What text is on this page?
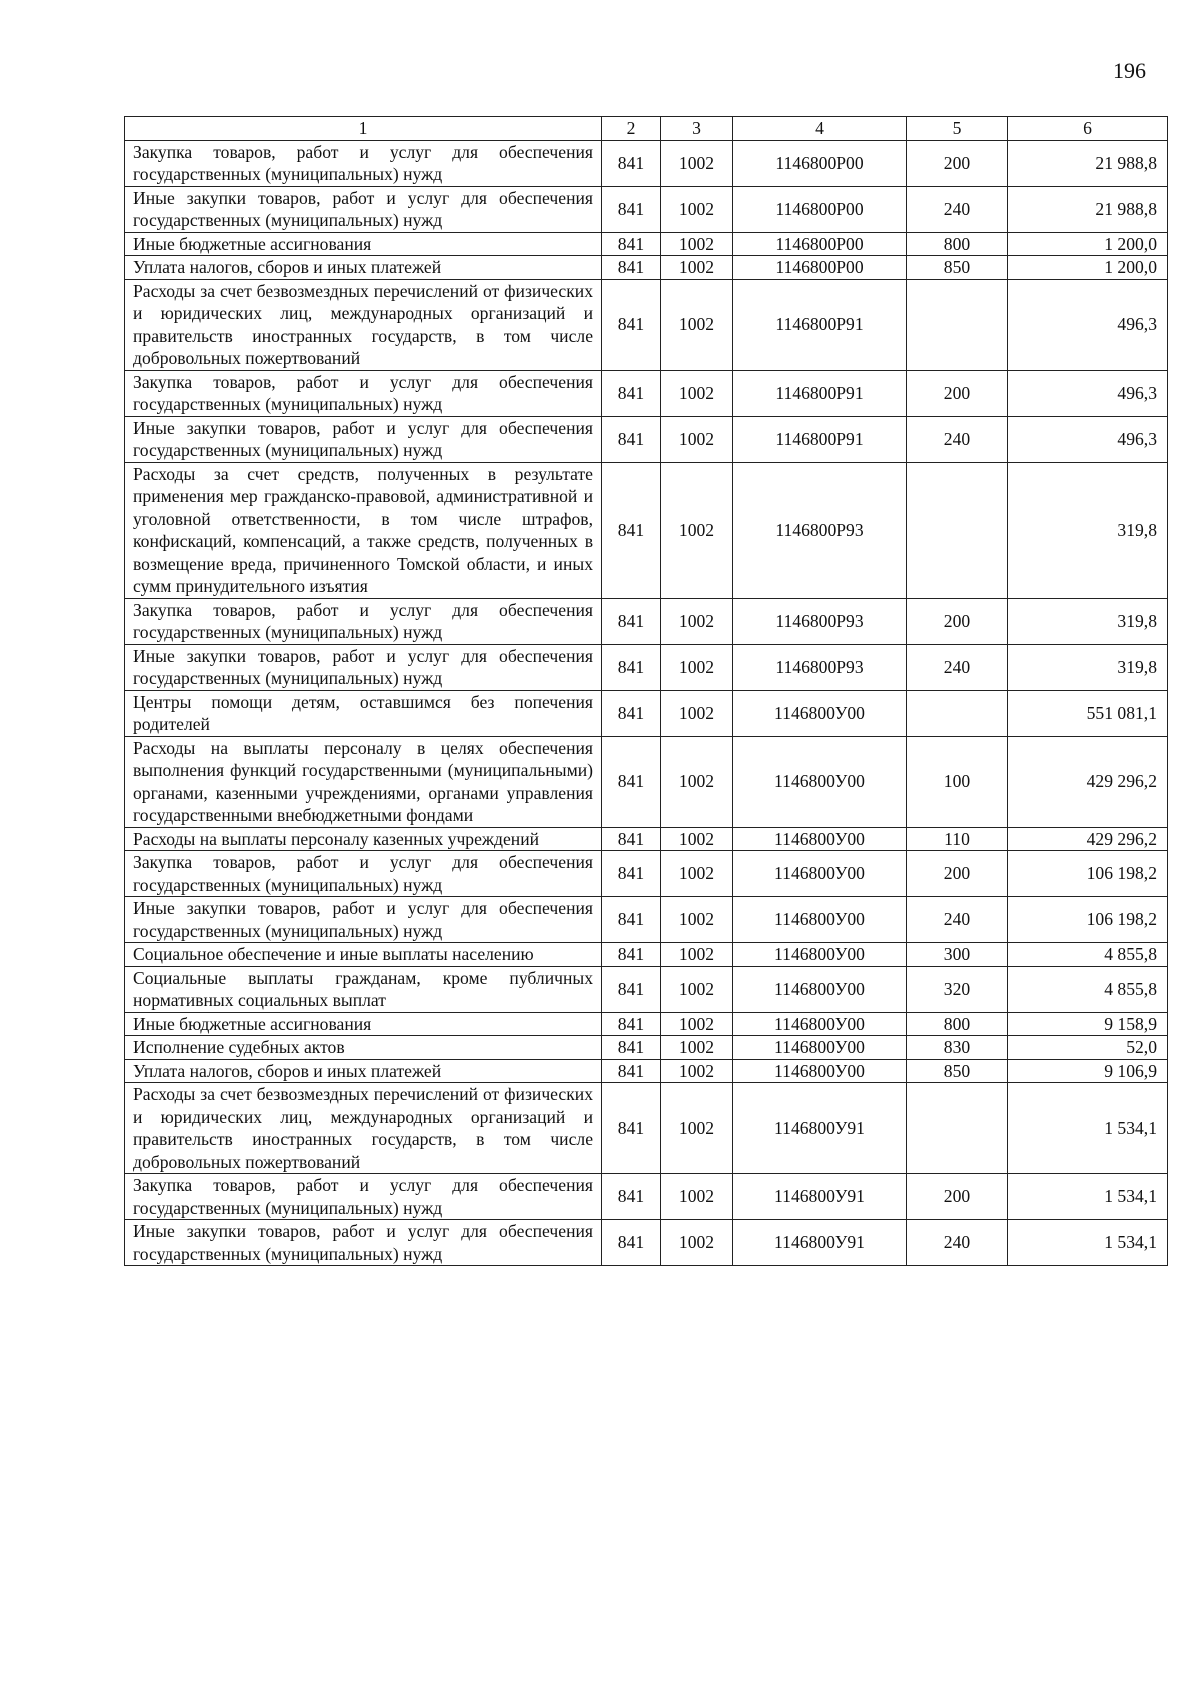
196
1	2	3	4	5	6
Закупка товаров, работ и услуг для обеспечения государственных (муниципальных) нужд	841	1002	1146800Р00	200	21 988,8
Иные закупки товаров, работ и услуг для обеспечения государственных (муниципальных) нужд	841	1002	1146800Р00	240	21 988,8
Иные бюджетные ассигнования	841	1002	1146800Р00	800	1 200,0
Уплата налогов, сборов и иных платежей	841	1002	1146800Р00	850	1 200,0
Расходы за счет безвозмездных перечислений от физических и юридических лиц, международных организаций и правительств иностранных государств, в том числе добровольных пожертвований	841	1002	1146800Р91		496,3
Закупка товаров, работ и услуг для обеспечения государственных (муниципальных) нужд	841	1002	1146800Р91	200	496,3
Иные закупки товаров, работ и услуг для обеспечения государственных (муниципальных) нужд	841	1002	1146800Р91	240	496,3
Расходы за счет средств, полученных в результате применения мер гражданско-правовой, административной и уголовной ответственности, в том числе штрафов, конфискаций, компенсаций, а также средств, полученных в возмещение вреда, причиненного Томской области, и иных сумм принудительного изъятия	841	1002	1146800Р93		319,8
Закупка товаров, работ и услуг для обеспечения государственных (муниципальных) нужд	841	1002	1146800Р93	200	319,8
Иные закупки товаров, работ и услуг для обеспечения государственных (муниципальных) нужд	841	1002	1146800Р93	240	319,8
Центры помощи детям, оставшимся без попечения родителей	841	1002	1146800У00		551 081,1
Расходы на выплаты персоналу в целях обеспечения выполнения функций государственными (муниципальными) органами, казенными учреждениями, органами управления государственными внебюджетными фондами	841	1002	1146800У00	100	429 296,2
Расходы на выплаты персоналу казенных учреждений	841	1002	1146800У00	110	429 296,2
Закупка товаров, работ и услуг для обеспечения государственных (муниципальных) нужд	841	1002	1146800У00	200	106 198,2
Иные закупки товаров, работ и услуг для обеспечения государственных (муниципальных) нужд	841	1002	1146800У00	240	106 198,2
Социальное обеспечение и иные выплаты населению	841	1002	1146800У00	300	4 855,8
Социальные выплаты гражданам, кроме публичных нормативных социальных выплат	841	1002	1146800У00	320	4 855,8
Иные бюджетные ассигнования	841	1002	1146800У00	800	9 158,9
Исполнение судебных актов	841	1002	1146800У00	830	52,0
Уплата налогов, сборов и иных платежей	841	1002	1146800У00	850	9 106,9
Расходы за счет безвозмездных перечислений от физических и юридических лиц, международных организаций и правительств иностранных государств, в том числе добровольных пожертвований	841	1002	1146800У91		1 534,1
Закупка товаров, работ и услуг для обеспечения государственных (муниципальных) нужд	841	1002	1146800У91	200	1 534,1
Иные закупки товаров, работ и услуг для обеспечения государственных (муниципальных) нужд	841	1002	1146800У91	240	1 534,1
